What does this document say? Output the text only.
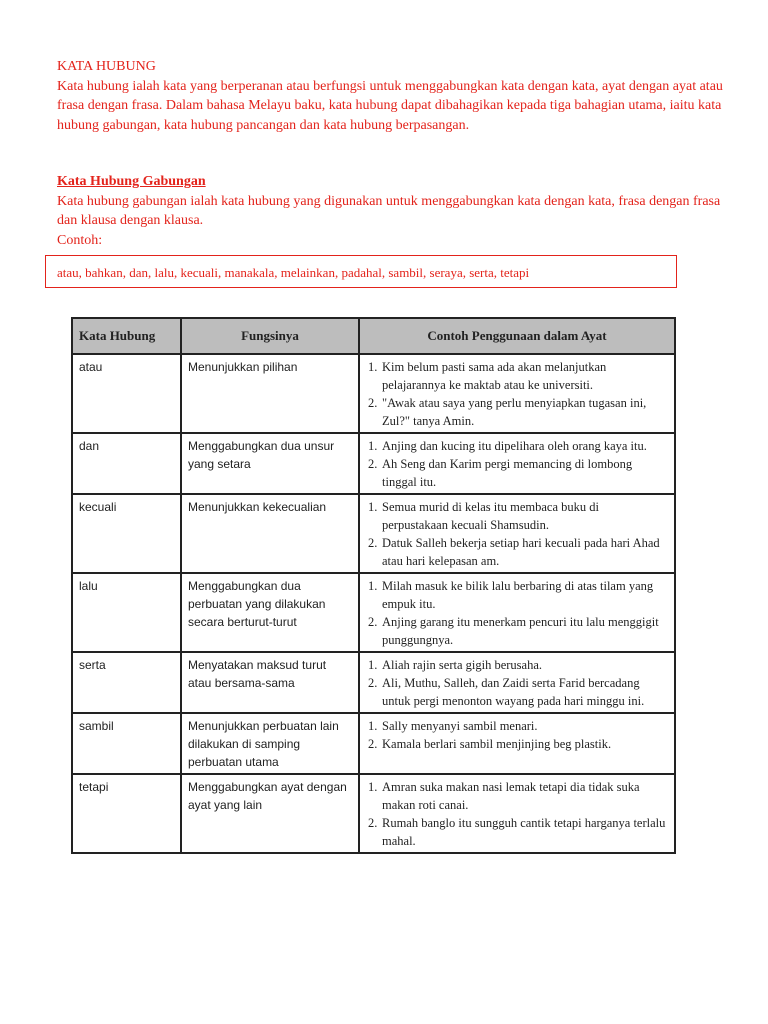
KATA HUBUNG

Kata hubung ialah kata yang berperanan atau berfungsi untuk menggabungkan kata dengan kata, ayat dengan ayat atau frasa dengan frasa. Dalam bahasa Melayu baku, kata hubung dapat dibahagikan kepada tiga bahagian utama, iaitu kata hubung gabungan, kata hubung pancangan dan kata hubung berpasangan.

Kata Hubung Gabungan

Kata hubung gabungan ialah kata hubung yang digunakan untuk menggabungkan kata dengan kata, frasa dengan frasa dan klausa dengan klausa.

Contoh:

atau, bahkan, dan, lalu, kecuali, manakala, melainkan, padahal, sambil, seraya, serta, tetapi
Kata Hubung	Fungsinya	Contoh Penggunaan dalam Ayat
atau	Menunjukkan pilihan	1. Kim belum pasti sama ada akan melanjutkan pelajarannya ke maktab atau ke universiti.
2. "Awak atau saya yang perlu menyiapkan tugasan ini, Zul?" tanya Amin.

dan	Menggabungkan dua unsur yang setara	1. Anjing dan kucing itu dipelihara oleh orang kaya itu.
2. Ah Seng dan Karim pergi memancing di lombong tinggal itu.

kecuali	Menunjukkan kekecualian	1. Semua murid di kelas itu membaca buku di perpustakaan kecuali Shamsudin.
2. Datuk Salleh bekerja setiap hari kecuali pada hari Ahad atau hari kelepasan am.

lalu	Menggabungkan dua perbuatan yang dilakukan secara berturut-turut	1. Milah masuk ke bilik lalu berbaring di atas tilam yang empuk itu.
2. Anjing garang itu menerkam pencuri itu lalu menggigit punggungnya.

serta	Menyatakan maksud turut atau bersama-sama	1. Aliah rajin serta gigih berusaha.
2. Ali, Muthu, Salleh, dan Zaidi serta Farid bercadang untuk pergi menonton wayang pada hari minggu ini.

sambil	Menunjukkan perbuatan lain dilakukan di samping perbuatan utama	1. Sally menyanyi sambil menari.
2. Kamala berlari sambil menjinjing beg plastik.

tetapi	Menggabungkan ayat dengan ayat yang lain	1. Amran suka makan nasi lemak tetapi dia tidak suka makan roti canai.
2. Rumah banglo itu sungguh cantik tetapi harganya terlalu mahal.
